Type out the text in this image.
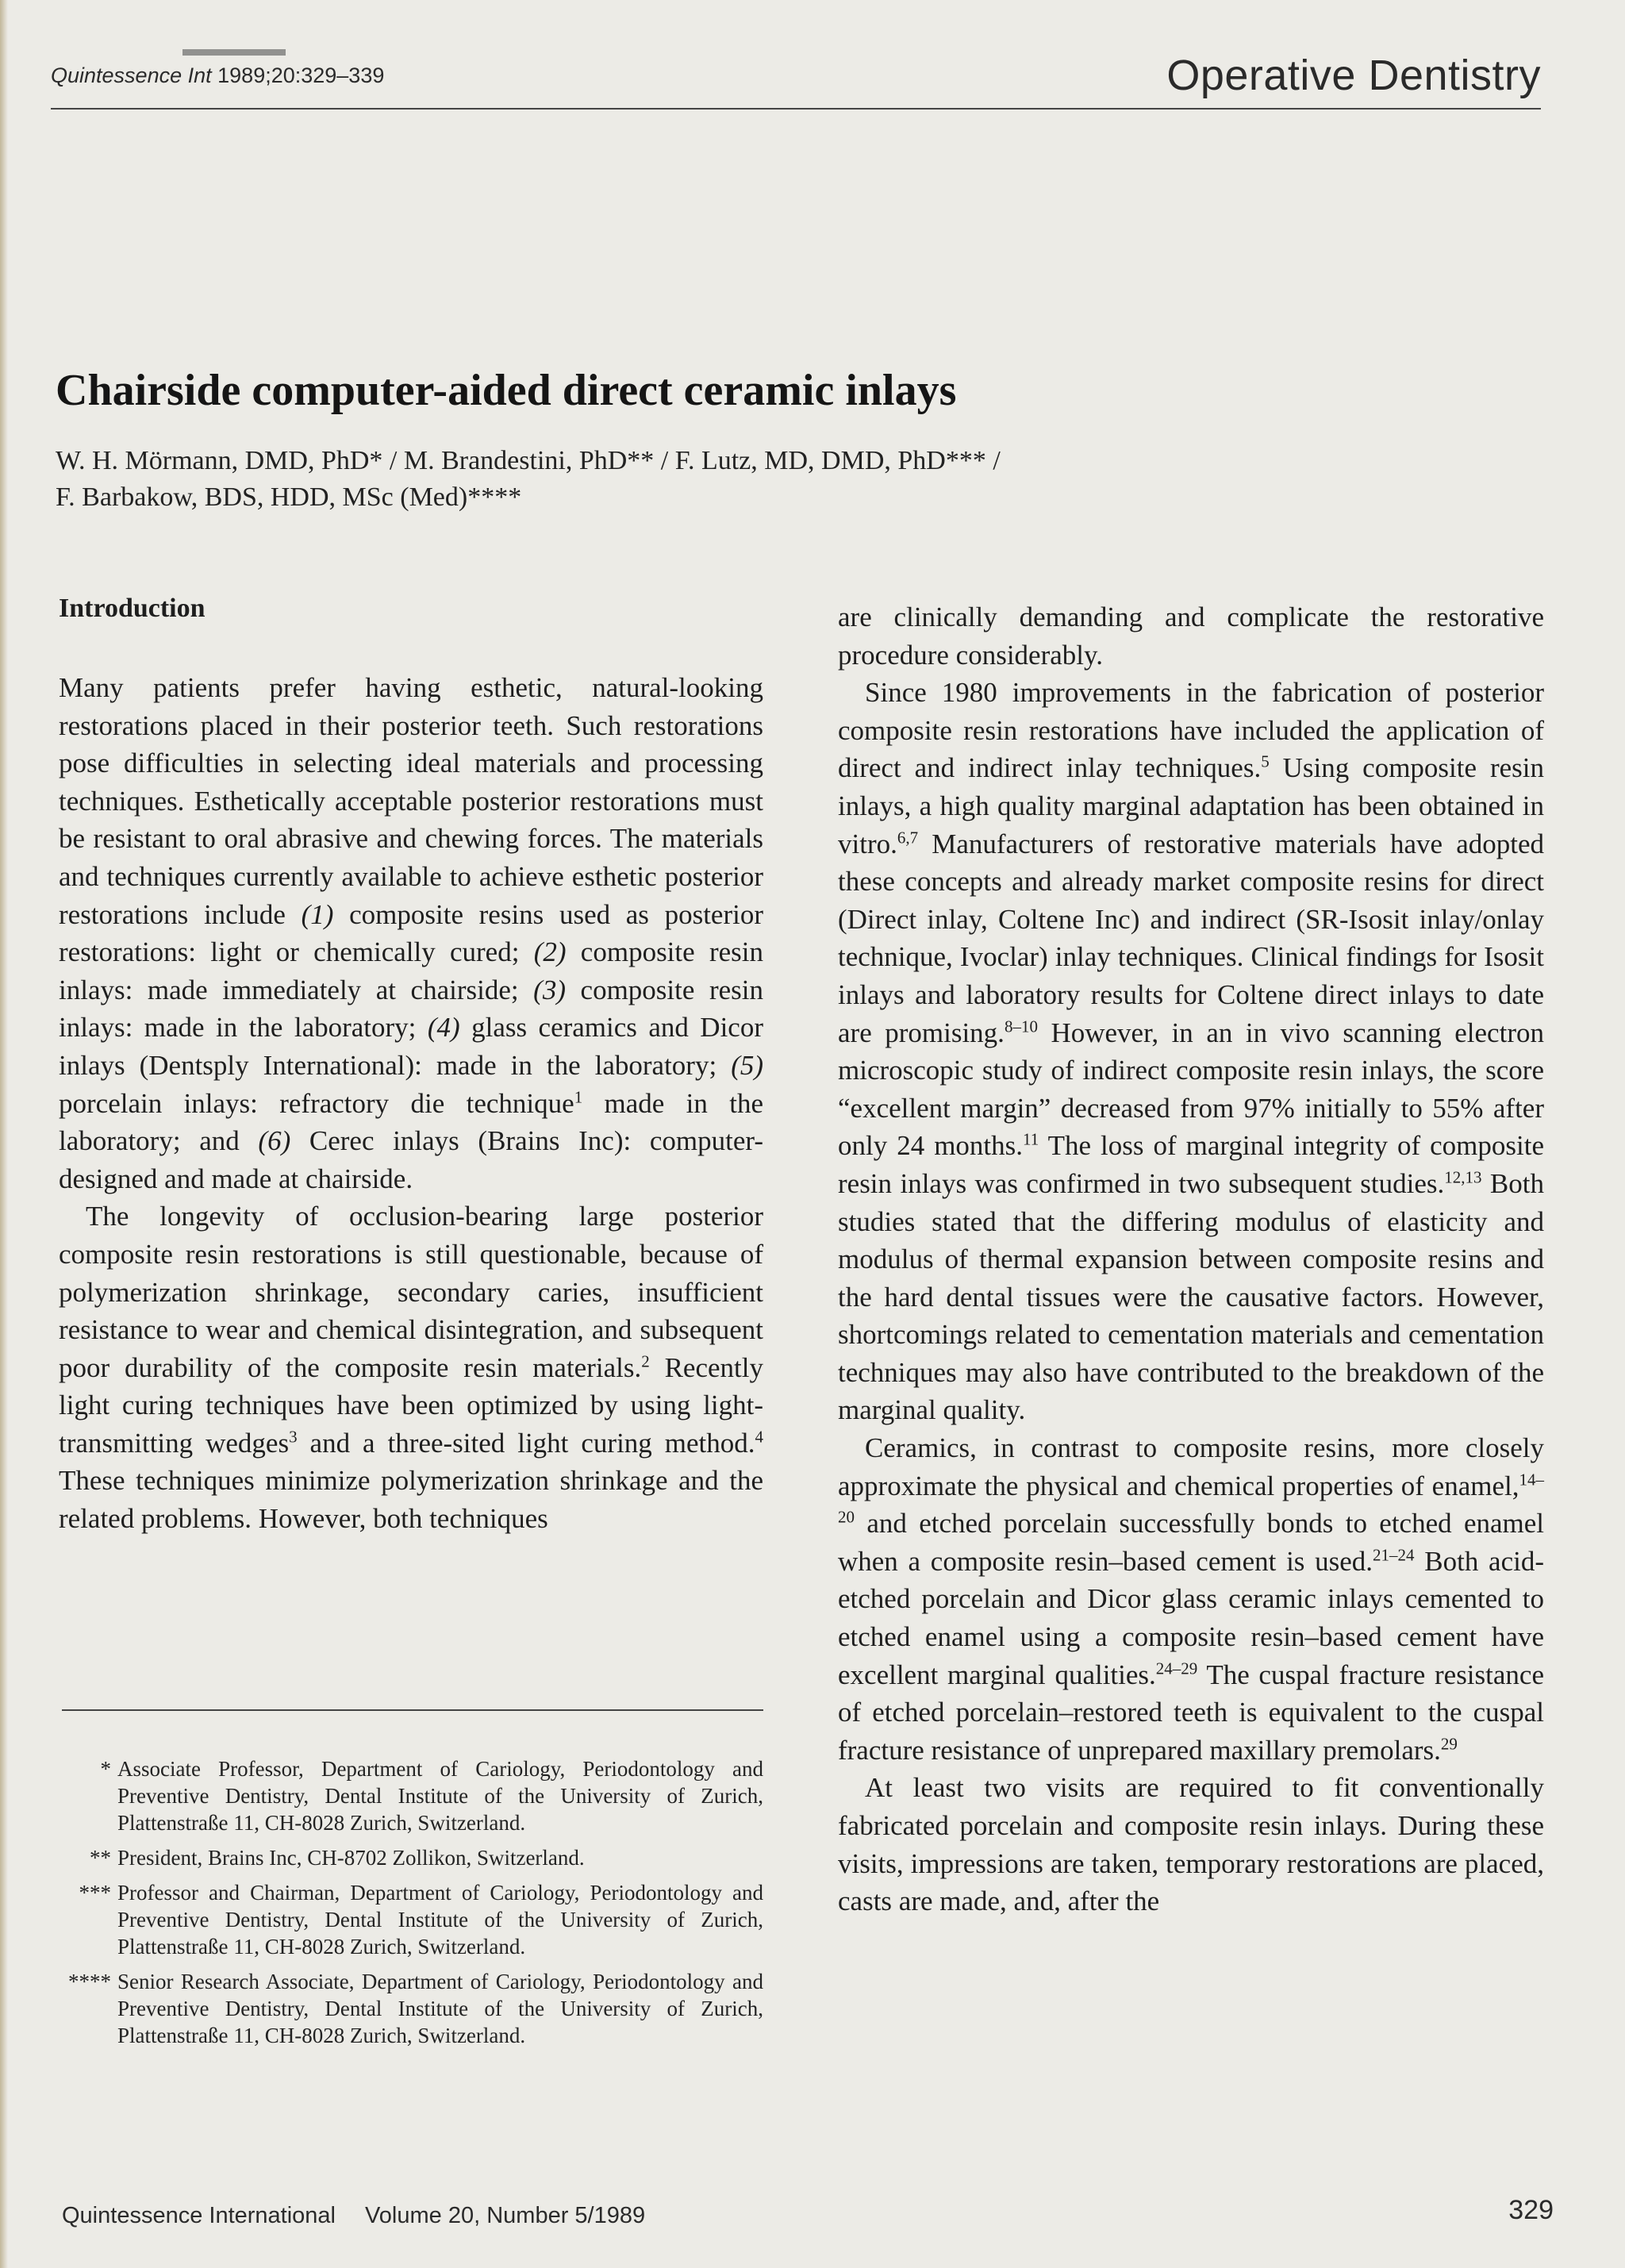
Quintessence Int 1989;20:329–339	Operative Dentistry
Chairside computer-aided direct ceramic inlays
W. H. Mörmann, DMD, PhD* / M. Brandestini, PhD** / F. Lutz, MD, DMD, PhD*** /
F. Barbakow, BDS, HDD, MSc (Med)****
Introduction

Many patients prefer having esthetic, natural-looking restorations placed in their posterior teeth. Such restorations pose difficulties in selecting ideal materials and processing techniques. Esthetically acceptable posterior restorations must be resistant to oral abrasive and chewing forces. The materials and techniques currently available to achieve esthetic posterior restorations include (1) composite resins used as posterior restorations: light or chemically cured; (2) composite resin inlays: made immediately at chairside; (3) composite resin inlays: made in the laboratory; (4) glass ceramics and Dicor inlays (Dentsply International): made in the laboratory; (5) porcelain inlays: refractory die technique$^1$ made in the laboratory; and (6) Cerec inlays (Brains Inc): computer-designed and made at chairside.

The longevity of occlusion-bearing large posterior composite resin restorations is still questionable, because of polymerization shrinkage, secondary caries, insufficient resistance to wear and chemical disintegration, and subsequent poor durability of the composite resin materials.$^2$ Recently light curing techniques have been optimized by using light-transmitting wedges$^3$ and a three-sited light curing method.$^4$ These techniques minimize polymerization shrinkage and the related problems. However, both techniques

* Associate Professor, Department of Cariology, Periodontology and Preventive Dentistry, Dental Institute of the University of Zurich, Plattenstraße 11, CH-8028 Zurich, Switzerland.
** President, Brains Inc, CH-8702 Zollikon, Switzerland.
*** Professor and Chairman, Department of Cariology, Periodontology and Preventive Dentistry, Dental Institute of the University of Zurich, Plattenstraße 11, CH-8028 Zurich, Switzerland.
**** Senior Research Associate, Department of Cariology, Periodontology and Preventive Dentistry, Dental Institute of the University of Zurich, Plattenstraße 11, CH-8028 Zurich, Switzerland.

are clinically demanding and complicate the restorative procedure considerably.

Since 1980 improvements in the fabrication of posterior composite resin restorations have included the application of direct and indirect inlay techniques.$^5$ Using composite resin inlays, a high quality marginal adaptation has been obtained in vitro.$^{6,7}$ Manufacturers of restorative materials have adopted these concepts and already market composite resins for direct (Direct inlay, Coltene Inc) and indirect (SR-Isosit inlay/onlay technique, Ivoclar) inlay techniques. Clinical findings for Isosit inlays and laboratory results for Coltene direct inlays to date are promising.$^{8-10}$ However, in an in vivo scanning electron microscopic study of indirect composite resin inlays, the score “excellent margin” decreased from 97% initially to 55% after only 24 months.$^{11}$ The loss of marginal integrity of composite resin inlays was confirmed in two subsequent studies.$^{12,13}$ Both studies stated that the differing modulus of elasticity and modulus of thermal expansion between composite resins and the hard dental tissues were the causative factors. However, shortcomings related to cementation materials and cementation techniques may also have contributed to the breakdown of the marginal quality.

Ceramics, in contrast to composite resins, more closely approximate the physical and chemical properties of enamel,$^{14-20}$ and etched porcelain successfully bonds to etched enamel when a composite resin–based cement is used.$^{21-24}$ Both acid-etched porcelain and Dicor glass ceramic inlays cemented to etched enamel using a composite resin–based cement have excellent marginal qualities.$^{24-29}$ The cuspal fracture resistance of etched porcelain–restored teeth is equivalent to the cuspal fracture resistance of unprepared maxillary premolars.$^{29}$

At least two visits are required to fit conventionally fabricated porcelain and composite resin inlays. During these visits, impressions are taken, temporary restorations are placed, casts are made, and, after the

Quintessence International  Volume 20, Number 5/1989	329
